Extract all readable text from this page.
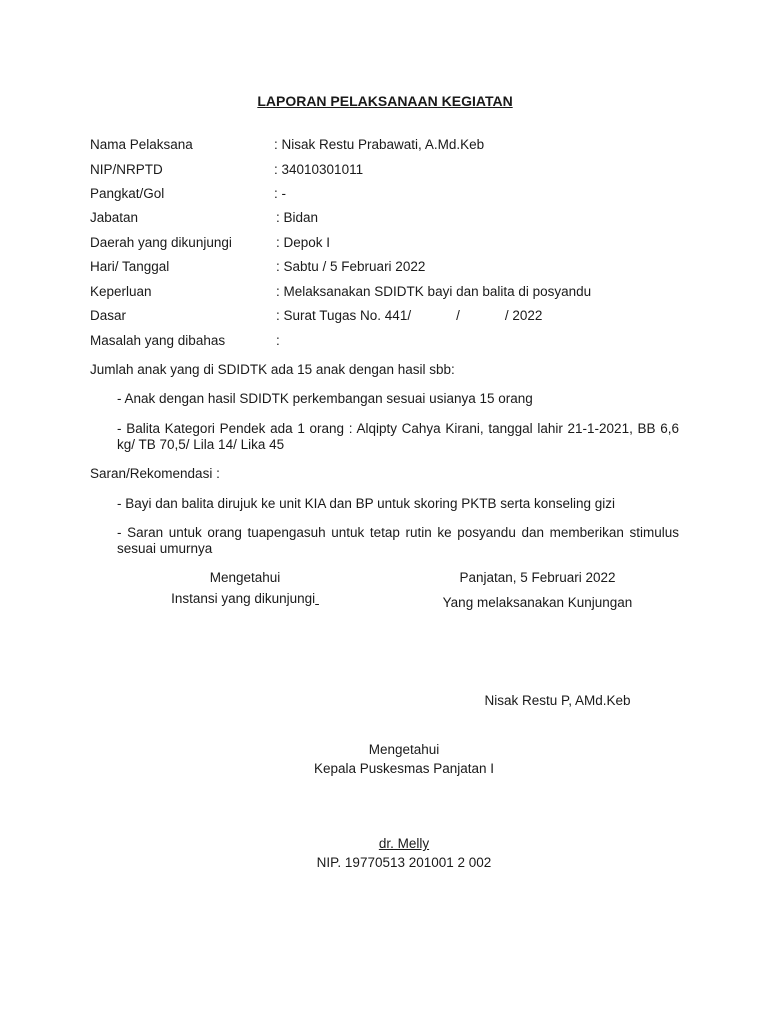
LAPORAN PELAKSANAAN KEGIATAN
Nama Pelaksana	: Nisak Restu Prabawati, A.Md.Keb
NIP/NRPTD	: 34010301011
Pangkat/Gol	: -
Jabatan	: Bidan
Daerah yang dikunjungi	: Depok I
Hari/ Tanggal	: Sabtu / 5 Februari 2022
Keperluan	: Melaksanakan SDIDTK bayi dan balita di posyandu
Dasar	: Surat Tugas No. 441/            /            / 2022
Masalah yang dibahas	:
Jumlah anak yang di SDIDTK ada 15 anak dengan hasil sbb:
- Anak dengan hasil SDIDTK perkembangan sesuai usianya 15 orang
- Balita Kategori Pendek ada 1 orang : Alqipty Cahya Kirani, tanggal lahir 21-1-2021, BB 6,6 kg/ TB 70,5/ Lila 14/ Lika 45
Saran/Rekomendasi :
- Bayi dan balita dirujuk ke unit KIA dan BP untuk skoring PKTB serta konseling gizi
- Saran untuk orang tuapengasuh untuk tetap rutin ke posyandu dan memberikan stimulus sesuai umurnya
Mengetahui
Instansi yang dikunjungi
Panjatan, 5 Februari 2022
Yang melaksanakan Kunjungan
Nisak Restu P, AMd.Keb
Mengetahui
Kepala Puskesmas Panjatan I
dr. Melly
NIP. 19770513 201001 2 002
